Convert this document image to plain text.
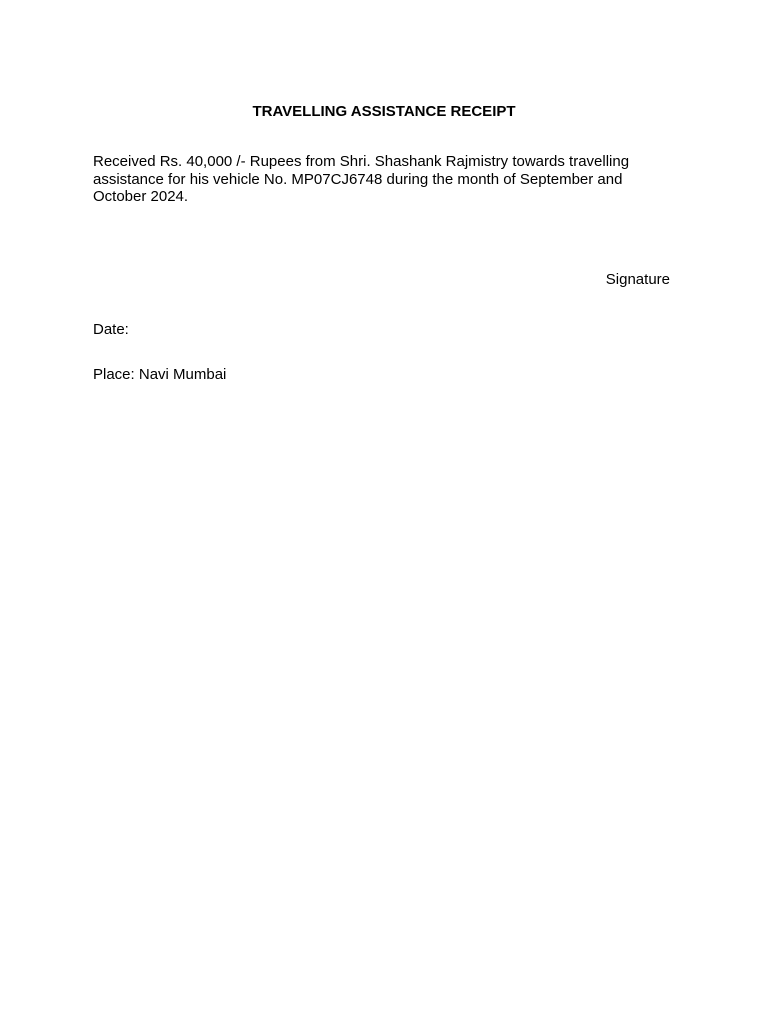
TRAVELLING ASSISTANCE RECEIPT
Received Rs. 40,000 /- Rupees from Shri. Shashank Rajmistry towards travelling
assistance for his vehicle No. MP07CJ6748 during the month of September and
October 2024.
Signature
Date:
Place: Navi Mumbai
